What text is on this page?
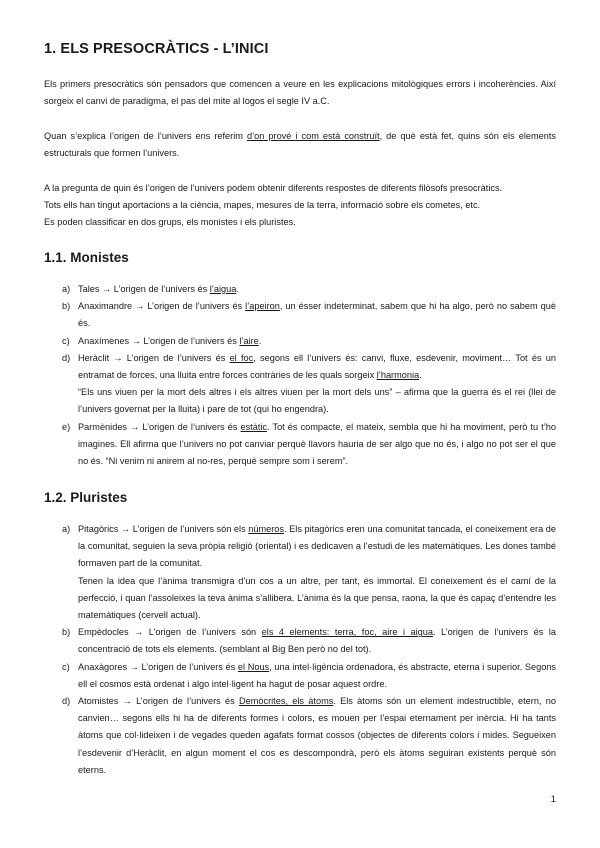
1. ELS PRESOCRÀTICS - L’INICI

Els primers presocràtics són pensadors que comencen a veure en les explicacions mitològiques errors i incoherències. Així sorgeix el canvi de paradigma, el pas del mite al logos el segle IV a.C.

Quan s’explica l’origen de l’univers ens referim d’on prové i com està construït, de què està fet, quins són els elements estructurals que formen l’univers.

A la pregunta de quin és l’origen de l’univers podem obtenir diferents respostes de diferents filòsofs presocràtics.
Tots ells han tingut aportacions a la ciència, mapes, mesures de la terra, informació sobre els cometes, etc.
Es poden classificar en dos grups, els monistes i els pluristes.

1.1. Monistes
a) Tales → L’origen de l’univers és l’aigua.
b) Anaximandre → L’origen de l’univers és l’apeiron, un ésser indeterminat, sabem que hi ha algo, però no sabem què és.
c) Anaxímenes → L’origen de l’univers és l’aire.
d) Heràclit → L’origen de l’univers és el foc, segons ell l’univers és: canvi, fluxe, esdevenir, moviment… Tot és un entramat de forces, una lluita entre forces contràries de les quals sorgeix l’harmonia.
“Els uns viuen per la mort dels altres i els altres viuen per la mort dels uns” – afirma que la guerra és el rei (llei de l’univers governat per la lluita) i pare de tot (qui ho engendra).
e) Parmènides → L’origen de l’univers és estàtic. Tot és compacte, el mateix, sembla que hi ha moviment, però tu t’ho imagines. Ell afirma que l’univers no pot canviar perquè llavors hauria de ser algo que no és, i algo no pot ser el que no és. “Ni venim ni anirem al no-res, perquè sempre som i serem”.
1.2. Pluristes
a) Pitagòrics → L’origen de l’univers són els números. Els pitagòrics eren una comunitat tancada, el coneixement era de la comunitat, seguien la seva pròpia religió (oriental) i es dedicaven a l’estudi de les matemàtiques. Les dones també formaven part de la comunitat.
Tenen la idea que l’ànima transmigra d’un cos a un altre, per tant, és immortal. El coneixement és el camí de la perfecció, i quan l’assoleixes la teva ànima s’allibera. L’ànima és la que pensa, raona, la que és capaç d’entendre les matemàtiques (cervell actual).
b) Empèdocles → L’origen de l’univers són els 4 elements: terra, foc, aire i aigua. L’origen de l’univers és la concentració de tots els elements. (semblant al Big Ben però no del tot).
c) Anaxàgores → L’origen de l’univers és el Nous, una intel·ligència ordenadora, és abstracte, eterna i superior. Segons ell el cosmos està ordenat i algo intel·ligent ha hagut de posar aquest ordre.
d) Atomistes → L’origen de l’univers és Demòcrites, els àtoms. Els àtoms són un element indestructible, etern, no canvien… segons ells hi ha de diferents formes i colors, es mouen per l’espai eternament per inèrcia. Hi ha tants àtoms que col·lideixen i de vegades queden agafats format cossos (objectes de diferents colors i mides. Segueixen l’esdevenir d’Heràclit, en algun moment el cos es descompondrà, però els àtoms seguiran existents perquè són eterns.
1
